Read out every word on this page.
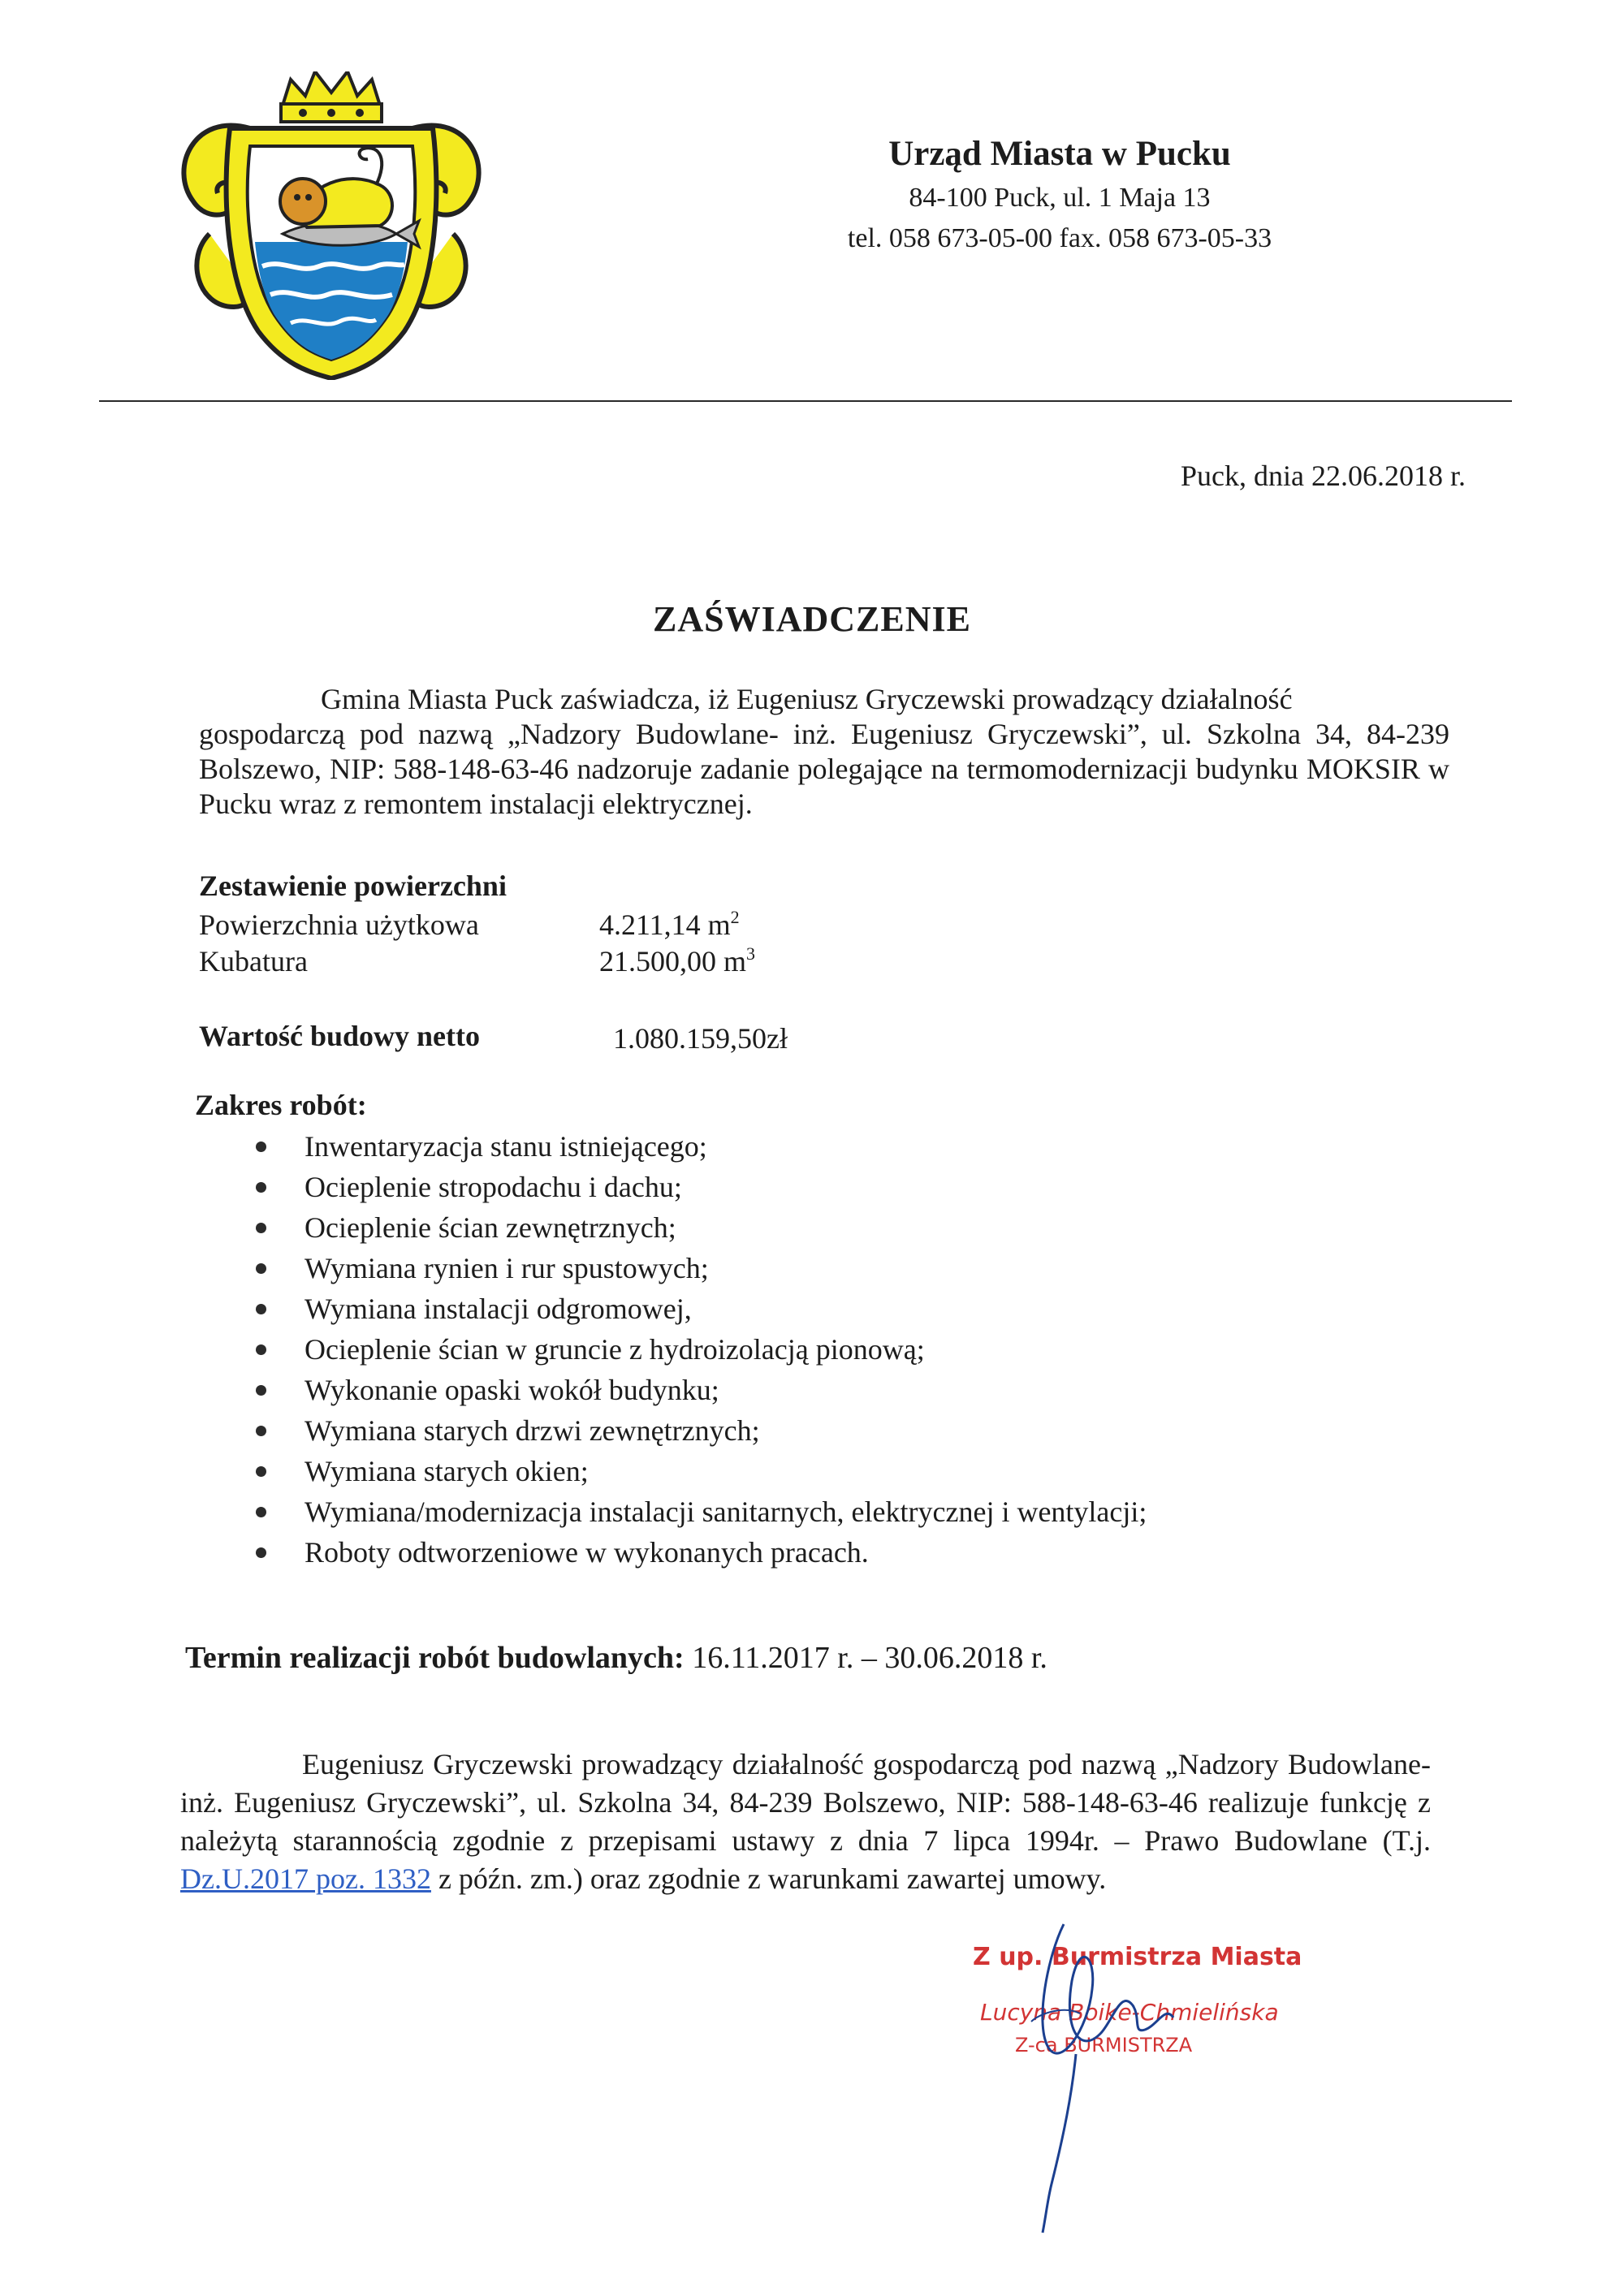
Urząd Miasta w Pucku
84-100 Puck, ul. 1 Maja 13
tel. 058 673-05-00 fax. 058 673-05-33
Puck, dnia 22.06.2018 r.
ZAŚWIADCZENIE
Gmina Miasta Puck zaświadcza, iż Eugeniusz Gryczewski prowadzący działalność
gospodarczą pod nazwą „Nadzory Budowlane- inż. Eugeniusz Gryczewski”, ul. Szkolna 34, 84-239 Bolszewo, NIP: 588-148-63-46 nadzoruje zadanie polegające na termomodernizacji budynku MOKSIR w Pucku wraz z remontem instalacji elektrycznej.
Zestawienie powierzchni
Powierzchnia użytkowa	4.211,14 $m^2$
Kubatura	21.500,00 $m^3$
Wartość budowy netto	1.080.159,50zł
Zakres robót:
Inwentaryzacja stanu istniejącego;
Ocieplenie stropodachu i dachu;
Ocieplenie ścian zewnętrznych;
Wymiana rynien i rur spustowych;
Wymiana instalacji odgromowej,
Ocieplenie ścian w gruncie z hydroizolacją pionową;
Wykonanie opaski wokół budynku;
Wymiana starych drzwi zewnętrznych;
Wymiana starych okien;
Wymiana/modernizacja instalacji sanitarnych, elektrycznej i wentylacji;
Roboty odtworzeniowe w wykonanych pracach.
Termin realizacji robót budowlanych: 16.11.2017 r. – 30.06.2018 r.
Eugeniusz Gryczewski prowadzący działalność gospodarczą pod nazwą „Nadzory Budowlane- inż. Eugeniusz Gryczewski”, ul. Szkolna 34, 84-239 Bolszewo, NIP: 588-148-63-46 realizuje funkcję z należytą starannością zgodnie z przepisami ustawy z dnia 7 lipca 1994r. – Prawo Budowlane (T.j. Dz.U.2017 poz. 1332 z późn. zm.) oraz zgodnie z warunkami zawartej umowy.
Z up. Burmistrza Miasta
Lucyna Boike-Chmielińska
Z-ca BURMISTRZA
